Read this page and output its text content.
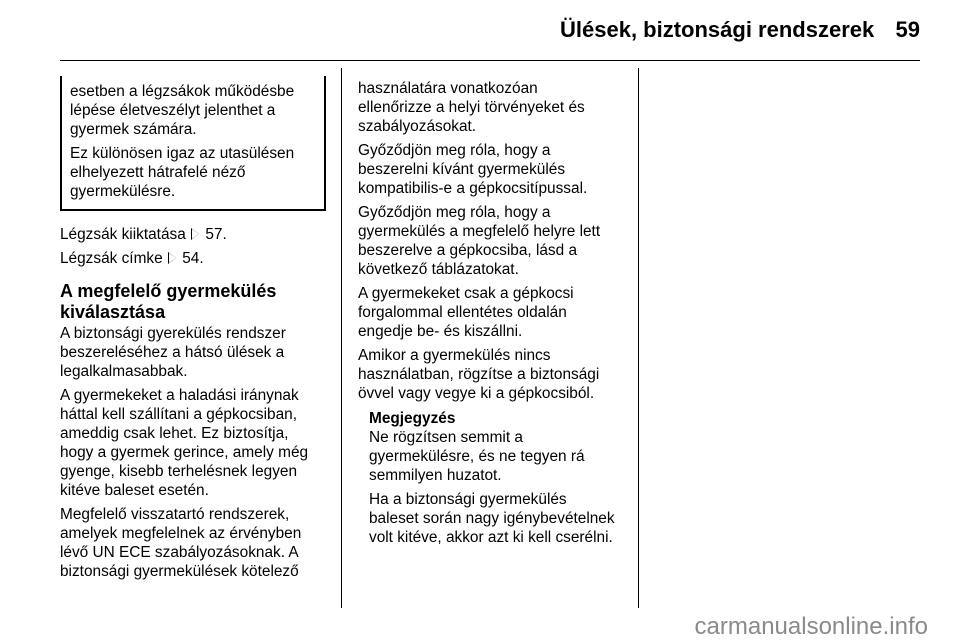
Ülések, biztonsági rendszerek 59
esetben a légzsákok működésbe
lépése életveszélyt jelenthet a
gyermek számára.
Ez különösen igaz az utasülésen
elhelyezett hátrafelé néző
gyermekülésre.
Légzsák kiiktatása 57.
Légzsák címke 54.
A megfelelő gyermekülés
kiválasztása
A biztonsági gyerekülés rendszer
beszereléséhez a hátsó ülések a
legalkalmasabbak.
A gyermekeket a haladási iránynak
háttal kell szállítani a gépkocsiban,
ameddig csak lehet. Ez biztosítja,
hogy a gyermek gerince, amely még
gyenge, kisebb terhelésnek legyen
kitéve baleset esetén.
Megfelelő visszatartó rendszerek,
amelyek megfelelnek az érvényben
lévő UN ECE szabályozásoknak. A
biztonsági gyermekülések kötelező
használatára vonatkozóan
ellenőrizze a helyi törvényeket és
szabályozásokat.
Győződjön meg róla, hogy a
beszerelni kívánt gyermekülés
kompatibilis-e a gépkocsitípussal.
Győződjön meg róla, hogy a
gyermekülés a megfelelő helyre lett
beszerelve a gépkocsiba, lásd a
következő táblázatokat.
A gyermekeket csak a gépkocsi
forgalommal ellentétes oldalán
engedje be- és kiszállni.
Amikor a gyermekülés nincs
használatban, rögzítse a biztonsági
övvel vagy vegye ki a gépkocsiból.
Megjegyzés
Ne rögzítsen semmit a
gyermekülésre, és ne tegyen rá
semmilyen huzatot.
Ha a biztonsági gyermekülés
baleset során nagy igénybevételnek
volt kitéve, akkor azt ki kell cserélni.
carmanualsonline.info
